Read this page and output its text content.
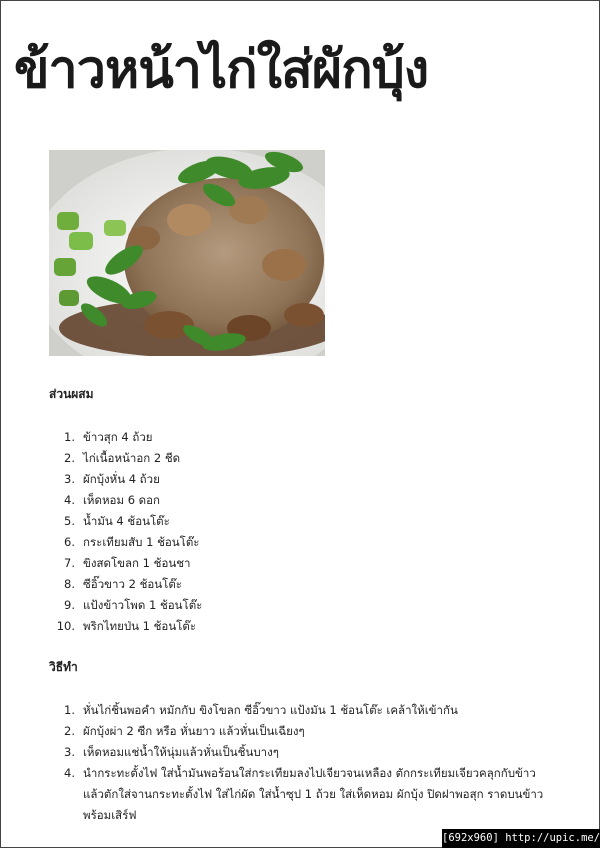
ข้าวหน้าไก่ใส่ผักบุ้ง
ส่วนผสม
1. ข้าวสุก 4 ถ้วย
2. ไก่เนื้อหน้าอก 2 ชีด
3. ผักบุ้งหั่น 4 ถ้วย
4. เห็ดหอม 6 ดอก
5. น้ำมัน 4 ช้อนโต๊ะ
6. กระเทียมสับ 1 ช้อนโต๊ะ
7. ขิงสดโขลก 1 ช้อนชา
8. ซีอิ๊วขาว 2 ช้อนโต๊ะ
9. แป้งข้าวโพด 1 ช้อนโต๊ะ
10. พริกไทยป่น 1 ช้อนโต๊ะ
วิธีทำ
1. หั่นไก่ชิ้นพอคำ หมักกับ ขิงโขลก ซีอิ๊วขาว แป้งมัน 1 ช้อนโต๊ะ เคล้าให้เข้ากัน
2. ผักบุ้งผ่า 2 ซีก หรือ หั่นยาว แล้วหั่นเป็นเฉียงๆ
3. เห็ดหอมแช่น้ำให้นุ่มแล้วหั่นเป็นชิ้นบางๆ
4. นำกระทะตั้งไฟ ใส่น้ำมันพอร้อนใส่กระเทียมลงไปเจียวจนเหลือง ตักกระเทียมเจียวคลุกกับข้าว แล้วตักใส่จานกระทะตั้งไฟ ใส่ไก่ผัด ใส่น้ำซุป 1 ถ้วย ใส่เห็ดหอม ผักบุ้ง ปิดฝาพอสุก ราดบนข้าวพร้อมเสิร์ฟ
[692x960] http://upic.me/
